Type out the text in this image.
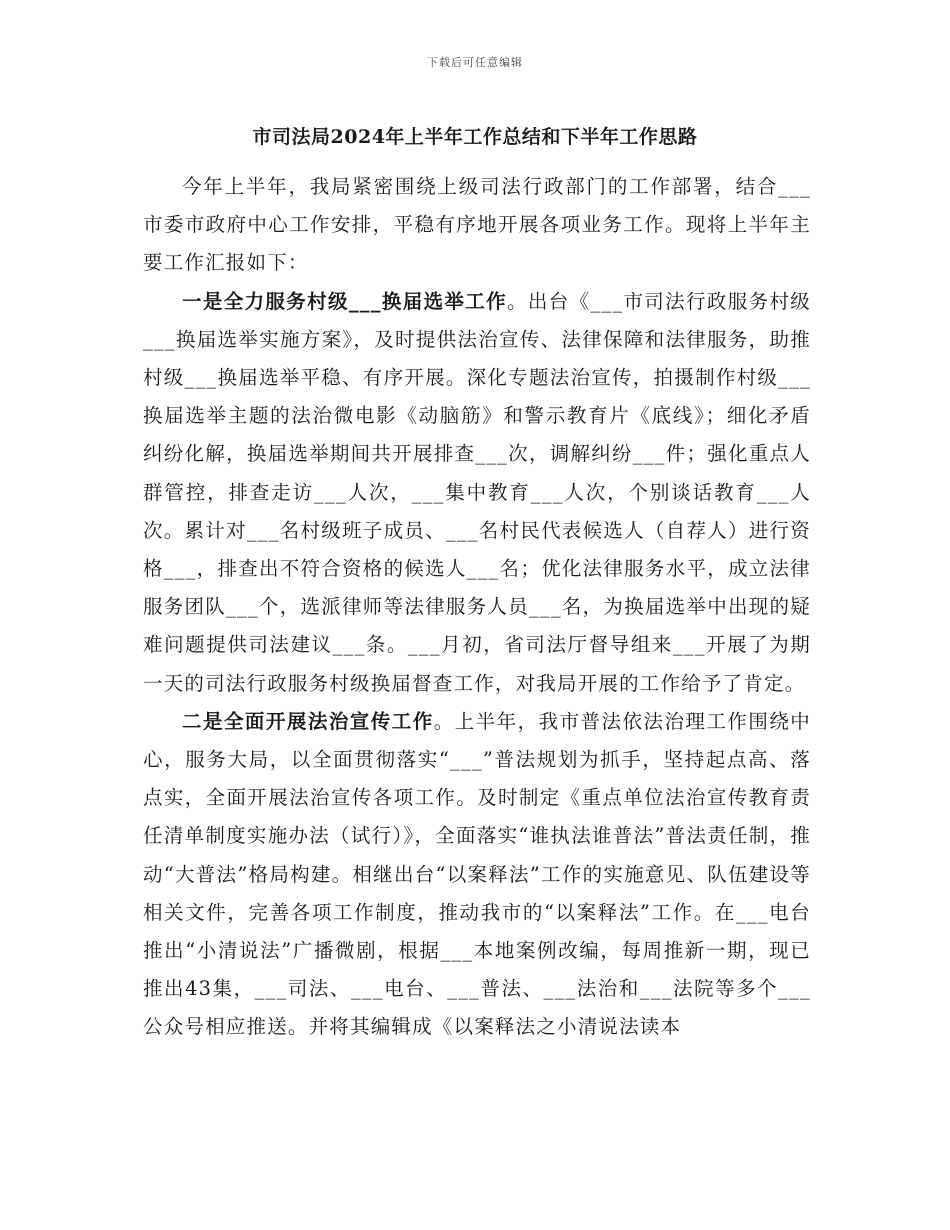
下载后可任意编辑
市司法局2024年上半年工作总结和下半年工作思路

今年上半年，我局紧密围绕上级司法行政部门的工作部署，结合___市委市政府中心工作安排，平稳有序地开展各项业务工作。现将上半年主要工作汇报如下：

一是全力服务村级___换届选举工作。出台《___市司法行政服务村级___换届选举实施方案》，及时提供法治宣传、法律保障和法律服务，助推村级___换届选举平稳、有序开展。深化专题法治宣传，拍摄制作村级___换届选举主题的法治微电影《动脑筋》和警示教育片《底线》；细化矛盾纠纷化解，换届选举期间共开展排查___次，调解纠纷___件；强化重点人群管控，排查走访___人次，___集中教育___人次，个别谈话教育___人次。累计对___名村级班子成员、___名村民代表候选人（自荐人）进行资格___，排查出不符合资格的候选人___名；优化法律服务水平，成立法律服务团队___个，选派律师等法律服务人员___名，为换届选举中出现的疑难问题提供司法建议___条。___月初，省司法厅督导组来___开展了为期一天的司法行政服务村级换届督查工作，对我局开展的工作给予了肯定。

二是全面开展法治宣传工作。上半年，我市普法依法治理工作围绕中心，服务大局，以全面贯彻落实“___”普法规划为抓手，坚持起点高、落点实，全面开展法治宣传各项工作。及时制定《重点单位法治宣传教育责任清单制度实施办法（试行）》，全面落实“谁执法谁普法”普法责任制，推动“大普法”格局构建。相继出台“以案释法”工作的实施意见、队伍建设等相关文件，完善各项工作制度，推动我市的“以案释法”工作。在___电台推出“小清说法”广播微剧，根据___本地案例改编，每周推新一期，现已推出43集，___司法、___电台、___普法、___法治和___法院等多个___公众号相应推送。并将其编辑成《以案释法之小清说法读本
